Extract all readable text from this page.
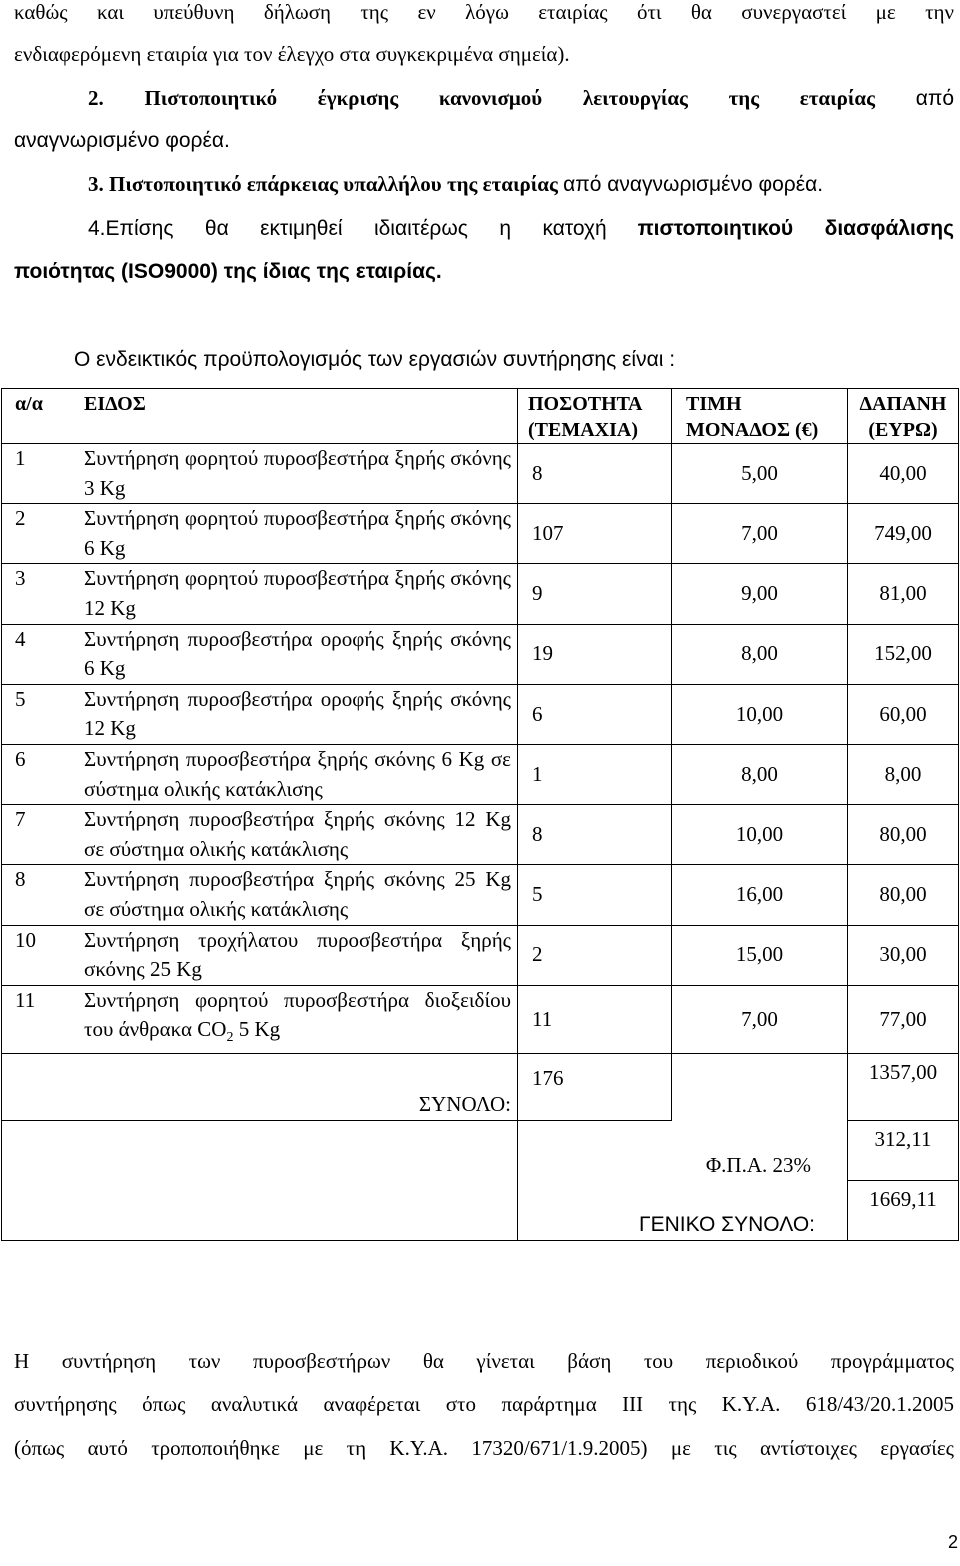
καθώς και υπεύθυνη δήλωση της εν λόγω εταιρίας ότι θα συνεργαστεί με την
ενδιαφερόμενη εταιρία για τον έλεγχο στα συγκεκριμένα σημεία).
2. Πιστοποιητικό έγκρισης κανονισμού λειτουργίας της εταιρίας από
αναγνωρισμένο φορέα.
3. Πιστοποιητικό επάρκειας υπαλλήλου της εταιρίας από αναγνωρισμένο φορέα.
4.Επίσης θα εκτιμηθεί ιδιαιτέρως η κατοχή πιστοποιητικού διασφάλισης
ποιότητας (ISO9000) της ίδιας της εταιρίας.
Ο ενδεικτικός προϋπολογισμός των εργασιών συντήρησης είναι :
α/α	ΕΙΔΟΣ	ΠΟΣΟΤΗΤΑ (ΤΕΜΑΧΙΑ)	ΤΙΜΗ ΜΟΝΑΔΟΣ (€)	ΔΑΠΑΝΗ (ΕΥΡΩ)
1	Συντήρηση φορητού πυροσβεστήρα ξηρής σκόνης 3 Kg	8	5,00	40,00
2	Συντήρηση φορητού πυροσβεστήρα ξηρής σκόνης 6 Kg	107	7,00	749,00
3	Συντήρηση φορητού πυροσβεστήρα ξηρής σκόνης 12 Kg	9	9,00	81,00
4	Συντήρηση πυροσβεστήρα οροφής ξηρής σκόνης 6 Kg	19	8,00	152,00
5	Συντήρηση πυροσβεστήρα οροφής ξηρής σκόνης 12 Kg	6	10,00	60,00
6	Συντήρηση πυροσβεστήρα ξηρής σκόνης 6 Kg σε σύστημα ολικής κατάκλισης	1	8,00	8,00
7	Συντήρηση πυροσβεστήρα ξηρής σκόνης 12 Kg σε σύστημα ολικής κατάκλισης	8	10,00	80,00
8	Συντήρηση πυροσβεστήρα ξηρής σκόνης 25 Kg σε σύστημα ολικής κατάκλισης	5	16,00	80,00
10	Συντήρηση τροχήλατου πυροσβεστήρα ξηρής σκόνης 25 Kg	2	15,00	30,00
11	Συντήρηση φορητού πυροσβεστήρα διοξειδίου του άνθρακα $CO_2$ 5 Kg	11	7,00	77,00
ΣΥΝΟΛΟ:		176		1357,00
		Φ.Π.Α. 23%		312,11
		ΓΕΝΙΚΟ ΣΥΝΟΛΟ:		1669,11
Η συντήρηση των πυροσβεστήρων θα γίνεται βάση του περιοδικού προγράμματος
συντήρησης όπως αναλυτικά αναφέρεται στο παράρτημα ΙΙΙ της Κ.Υ.Α. 618/43/20.1.2005
(όπως αυτό τροποποιήθηκε με τη Κ.Υ.Α. 17320/671/1.9.2005) με τις αντίστοιχες εργασίες
2
